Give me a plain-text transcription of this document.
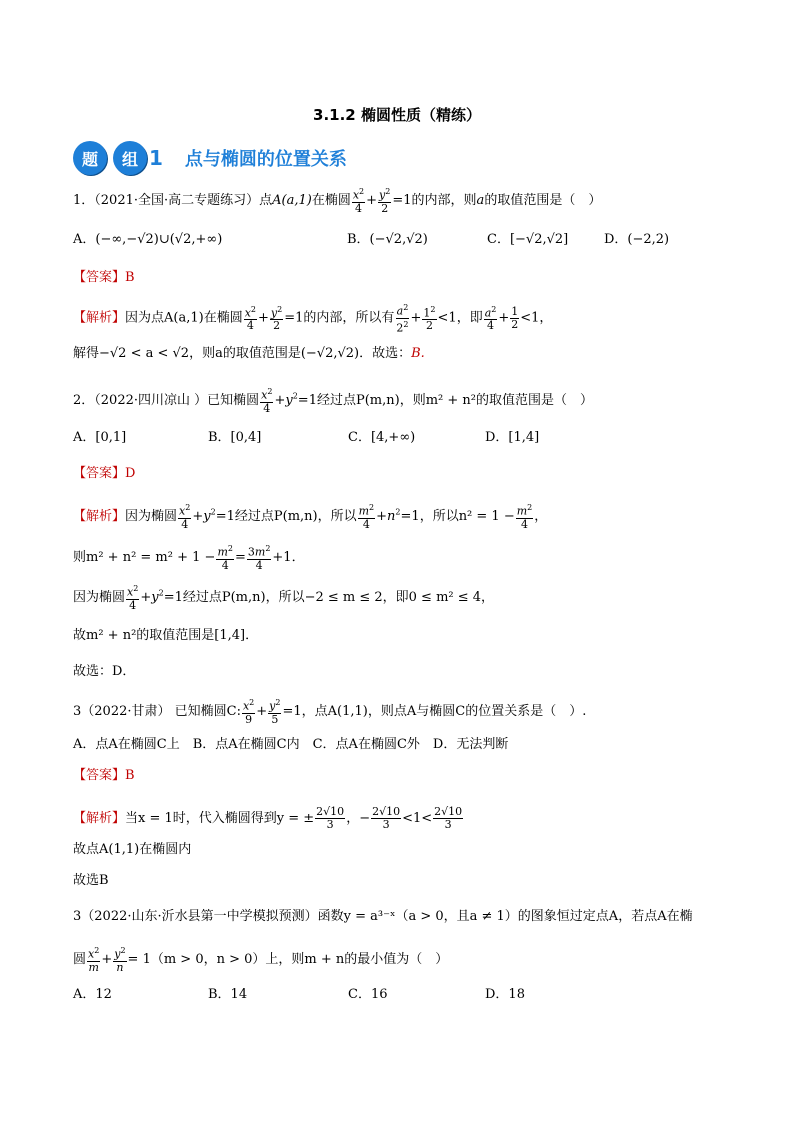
3.1.2 椭圆性质（精练）
题	组 1 点与椭圆的位置关系
1．（2021·全国·高二专题练习）点A(a,1)在椭圆 $\frac{x^2}{4} + \frac{y^2}{2} =1$的内部，则a的取值范围是（　）
A．(−∞,−√2)∪(√2,+∞)	B．(−√2,√2)	C．[−√2,√2]	D．(−2,2)
【答案】B
【解析】因为点A(a,1)在椭圆 $\frac{x^2}{4} + \frac{y^2}{2} =1$的内部，所以有 $\frac{a^2}{2^2} + \frac{1^2}{2} <1$，即 $\frac{a^2}{4} + \frac{1}{2} <1$，
解得−√2 < a < √2，则a的取值范围是(−√2,√2)．故选：B.
2．（2022·四川凉山 ）已知椭圆 $\frac{x^2}{4} +y^2=1$经过点P(m,n)，则m² + n²的取值范围是（　）
A．[0,1]	B．[0,4]	C．[4,+∞)	D．[1,4]
【答案】D
【解析】因为椭圆 $\frac{x^2}{4} +y^2=1$经过点P(m,n)，所以 $\frac{m^2}{4} +n^2=1$，所以$n^2 = 1 - \frac{m^2}{4}$ ，
则$m^2 + n^2 = m^2 + 1 - \frac{m^2}{4} = \frac{3m^2}{4} +1$．
因为椭圆 $\frac{x^2}{4} +y^2=1$经过点P(m,n)，所以−2 ≤ m ≤ 2，即0 ≤ m² ≤ 4，
故m² + n²的取值范围是[1,4]．
故选：D．
3（2022·甘肃） 已知椭圆C: $\frac{x^2}{9} + \frac{y^2}{5} =1$，点A(1,1)，则点A与椭圆C的位置关系是（　）.
A．点A在椭圆C上　B．点A在椭圆C内　C．点A在椭圆C外　D．无法判断
【答案】B
【解析】当x = 1时，代入椭圆得到y = ± $\frac{2√10}{3}$ ，− $\frac{2√10}{3} <1< \frac{2√10}{3}$
故点A(1,1)在椭圆内
故选B
3（2022·山东·沂水县第一中学模拟预测）函数y = a³⁻ˣ（a > 0，且a ≠ 1）的图象恒过定点A，若点A在椭
圆 $\frac{x^2}{m} + \frac{y^2}{n} = 1(m > 0$，n > 0）上，则m + n的最小值为（　）
A．12	B．14	C．16	D．18
